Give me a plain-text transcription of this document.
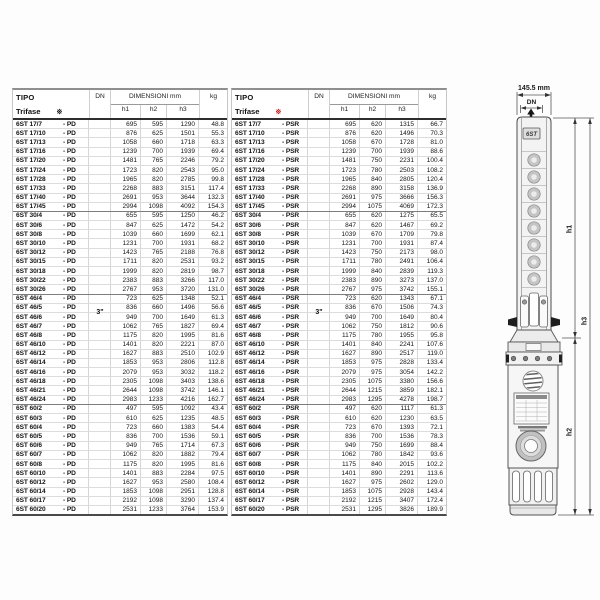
TIPO
Trifase ※
DN	DIMENSIONI mm
h1	h2	h3
kg
6ST 17/7	- PD	695	595	1290	48.8
6ST 17/10	- PD	876	625	1501	55.3
6ST 17/13	- PD	1058	660	1718	63.3
6ST 17/16	- PD	1239	700	1939	69.4
6ST 17/20	- PD	1481	765	2246	79.2
6ST 17/24	- PD	1723	820	2543	95.0
6ST 17/28	- PD	1965	820	2785	99.8
6ST 17/33	- PD	2268	883	3151	117.4
6ST 17/40	- PD	2691	953	3644	132.3
6ST 17/45	- PD	2994	1098	4092	154.3
6ST 30/4	- PD	655	595	1250	46.2
6ST 30/6	- PD	847	625	1472	54.2
6ST 30/8	- PD	1039	660	1699	62.1
6ST 30/10	- PD	1231	700	1931	68.2
6ST 30/12	- PD	1423	765	2188	76.8
6ST 30/15	- PD	1711	820	2531	93.2
6ST 30/18	- PD	1999	820	2819	98.7
6ST 30/22	- PD	2383	883	3266	117.0
6ST 30/26	- PD	2767	953	3720	131.0
6ST 46/4	- PD	723	625	1348	52.1
6ST 46/5	- PD	836	660	1496	56.6
6ST 46/6	- PD	949	700	1649	61.3
6ST 46/7	- PD	1062	765	1827	69.4
6ST 46/8	- PD	1175	820	1995	81.6
6ST 46/10	- PD	1401	820	2221	87.0
6ST 46/12	- PD	1627	883	2510	102.9
6ST 46/14	- PD	1853	953	2806	112.8
6ST 46/16	- PD	2079	953	3032	118.2
6ST 46/18	- PD	2305	1098	3403	138.6
6ST 46/21	- PD	2644	1098	3742	146.1
6ST 46/24	- PD	2983	1233	4216	162.7
6ST 60/2	- PD	497	595	1092	43.4
6ST 60/3	- PD	610	625	1235	48.5
6ST 60/4	- PD	723	660	1383	54.4
6ST 60/5	- PD	836	700	1536	59.1
6ST 60/6	- PD	949	765	1714	67.3
6ST 60/7	- PD	1062	820	1882	79.4
6ST 60/8	- PD	1175	820	1995	81.6
6ST 60/10	- PD	1401	883	2284	97.5
6ST 60/12	- PD	1627	953	2580	108.4
6ST 60/14	- PD	1853	1098	2951	128.8
6ST 60/17	- PD	2192	1098	3290	137.4
6ST 60/20	- PD	2531	1233	3764	153.9
3"
TIPO
Trifase ※
DN	DIMENSIONI mm
h1	h2	h3
kg
6ST 17/7	- PSR	695	620	1315	66.7
6ST 17/10	- PSR	876	620	1496	70.3
6ST 17/13	- PSR	1058	670	1728	81.0
6ST 17/16	- PSR	1239	700	1939	88.6
6ST 17/20	- PSR	1481	750	2231	100.4
6ST 17/24	- PSR	1723	780	2503	108.2
6ST 17/28	- PSR	1965	840	2805	120.4
6ST 17/33	- PSR	2268	890	3158	136.9
6ST 17/40	- PSR	2691	975	3666	156.3
6ST 17/45	- PSR	2994	1075	4069	172.3
6ST 30/4	- PSR	655	620	1275	65.5
6ST 30/6	- PSR	847	620	1467	69.2
6ST 30/8	- PSR	1039	670	1709	79.8
6ST 30/10	- PSR	1231	700	1931	87.4
6ST 30/12	- PSR	1423	750	2173	98.0
6ST 30/15	- PSR	1711	780	2491	106.4
6ST 30/18	- PSR	1999	840	2839	119.3
6ST 30/22	- PSR	2383	890	3273	137.0
6ST 30/26	- PSR	2767	975	3742	155.1
6ST 46/4	- PSR	723	620	1343	67.1
6ST 46/5	- PSR	836	670	1506	74.3
6ST 46/6	- PSR	949	700	1649	80.4
6ST 46/7	- PSR	1062	750	1812	90.6
6ST 46/8	- PSR	1175	780	1955	95.8
6ST 46/10	- PSR	1401	840	2241	107.6
6ST 46/12	- PSR	1627	890	2517	119.0
6ST 46/14	- PSR	1853	975	2828	133.4
6ST 46/16	- PSR	2079	975	3054	142.2
6ST 46/18	- PSR	2305	1075	3380	156.6
6ST 46/21	- PSR	2644	1215	3859	182.1
6ST 46/24	- PSR	2983	1295	4278	198.7
6ST 60/2	- PSR	497	620	1117	61.3
6ST 60/3	- PSR	610	620	1230	63.5
6ST 60/4	- PSR	723	670	1393	72.1
6ST 60/5	- PSR	836	700	1536	78.3
6ST 60/6	- PSR	949	750	1699	88.4
6ST 60/7	- PSR	1062	780	1842	93.6
6ST 60/8	- PSR	1175	840	2015	102.2
6ST 60/10	- PSR	1401	890	2291	113.6
6ST 60/12	- PSR	1627	975	2602	129.0
6ST 60/14	- PSR	1853	1075	2928	143.4
6ST 60/17	- PSR	2192	1215	3407	172.4
6ST 60/20	- PSR	2531	1295	3826	189.9
3"
145.5 mm
DN
6ST
h1
h2
h3
